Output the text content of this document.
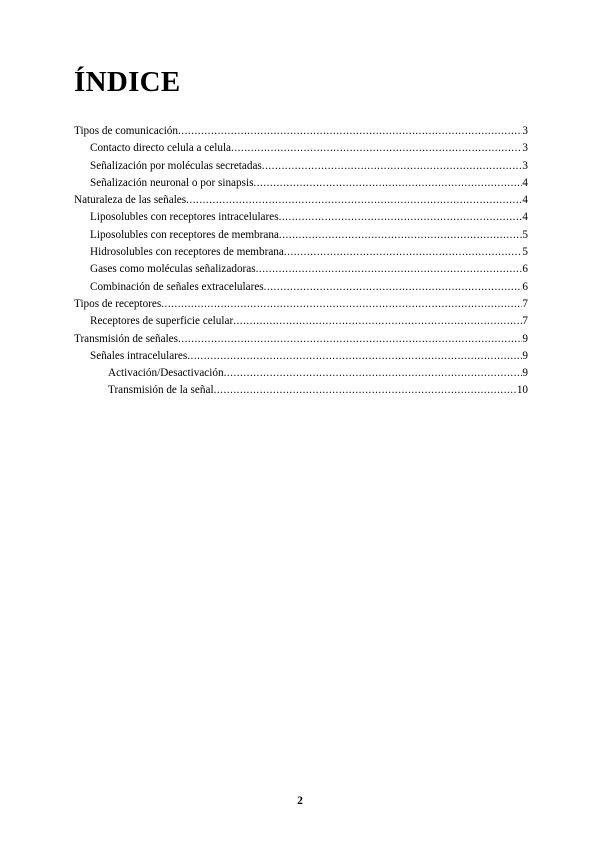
ÍNDICE
Tipos de comunicación .....	3
Contacto directo celula a celula .....	3
Señalización por moléculas secretadas .....	3
Señalización neuronal o por sinapsis .....	4
Naturaleza de las señales .....	4
Liposolubles con receptores intracelulares .....	4
Liposolubles con receptores de membrana .....	5
Hidrosolubles con receptores de membrana .....	5
Gases como moléculas señalizadoras .....	6
Combinación de señales extracelulares .....	6
Tipos de receptores .....	7
Receptores de superficie celular .....	7
Transmisión de señales .....	9
Señales intracelulares .....	9
Activación/Desactivación .....	9
Transmisión de la señal .....	10
2
